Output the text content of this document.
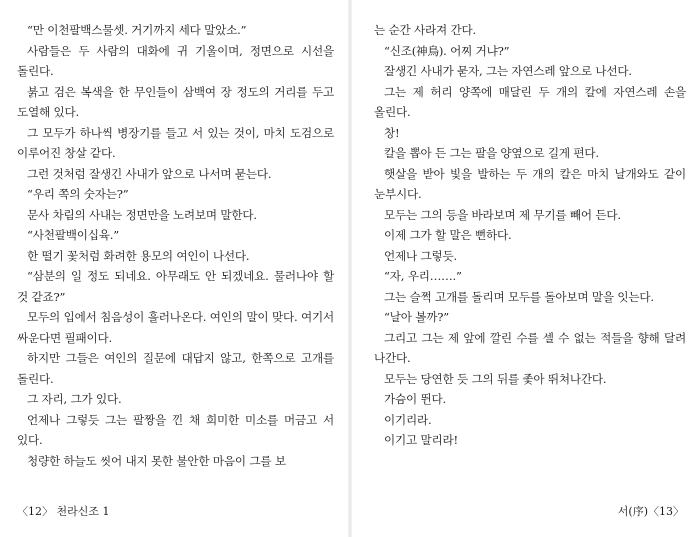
“만 이천팔백스물셋. 거기까지 세다 말았소.”

사람들은 두 사람의 대화에 귀 기울이며, 정면으로 시선을 돌린다.

붉고 검은 복색을 한 무인들이 삼백여 장 정도의 거리를 두고 도열해 있다.

그 모두가 하나씩 병장기를 들고 서 있는 것이, 마치 도검으로 이루어진 창살 같다.

그런 것처럼 잘생긴 사내가 앞으로 나서며 묻는다.

“우리 쪽의 숫자는?”

문사 차림의 사내는 정면만을 노려보며 말한다.

“사천팔백이십육.”

한 떨기 꽃처럼 화려한 용모의 여인이 나선다.

“삼분의 일 정도 되네요. 아무래도 안 되겠네요. 물러나야 할 것 같죠?”

모두의 입에서 침음성이 흘러나온다. 여인의 말이 맞다. 여기서 싸운다면 필패이다.

하지만 그들은 여인의 질문에 대답지 않고, 한쪽으로 고개를 돌린다.

그 자리, 그가 있다.

언제나 그렇듯 그는 팔짱을 낀 채 희미한 미소를 머금고 서 있다.

청량한 하늘도 씻어 내지 못한 불안한 마음이 그를 보

〈12〉 천라신조 1

는 순간 사라져 간다.

“신조(神鳥). 어찌 거냐?”

잘생긴 사내가 묻자, 그는 자연스레 앞으로 나선다.

그는 제 허리 양쪽에 매달린 두 개의 칼에 자연스레 손을 올린다.

창!

칼을 뽑아 든 그는 팔을 양옆으로 길게 편다.

햇살을 받아 빛을 발하는 두 개의 칼은 마치 날개와도 같이 눈부시다.

모두는 그의 등을 바라보며 제 무기를 빼어 든다.

이제 그가 할 말은 뻔하다.

언제나 그렇듯.

“자, 우리…….”

그는 슬쩍 고개를 돌리며 모두를 돌아보며 말을 잇는다.

“날아 볼까?”

그리고 그는 제 앞에 깔린 수를 셀 수 없는 적들을 향해 달려 나간다.

모두는 당연한 듯 그의 뒤를 좇아 뛰쳐나간다.

가슴이 뛴다.

이기리라.

이기고 말리라!

서(序)〈13〉
